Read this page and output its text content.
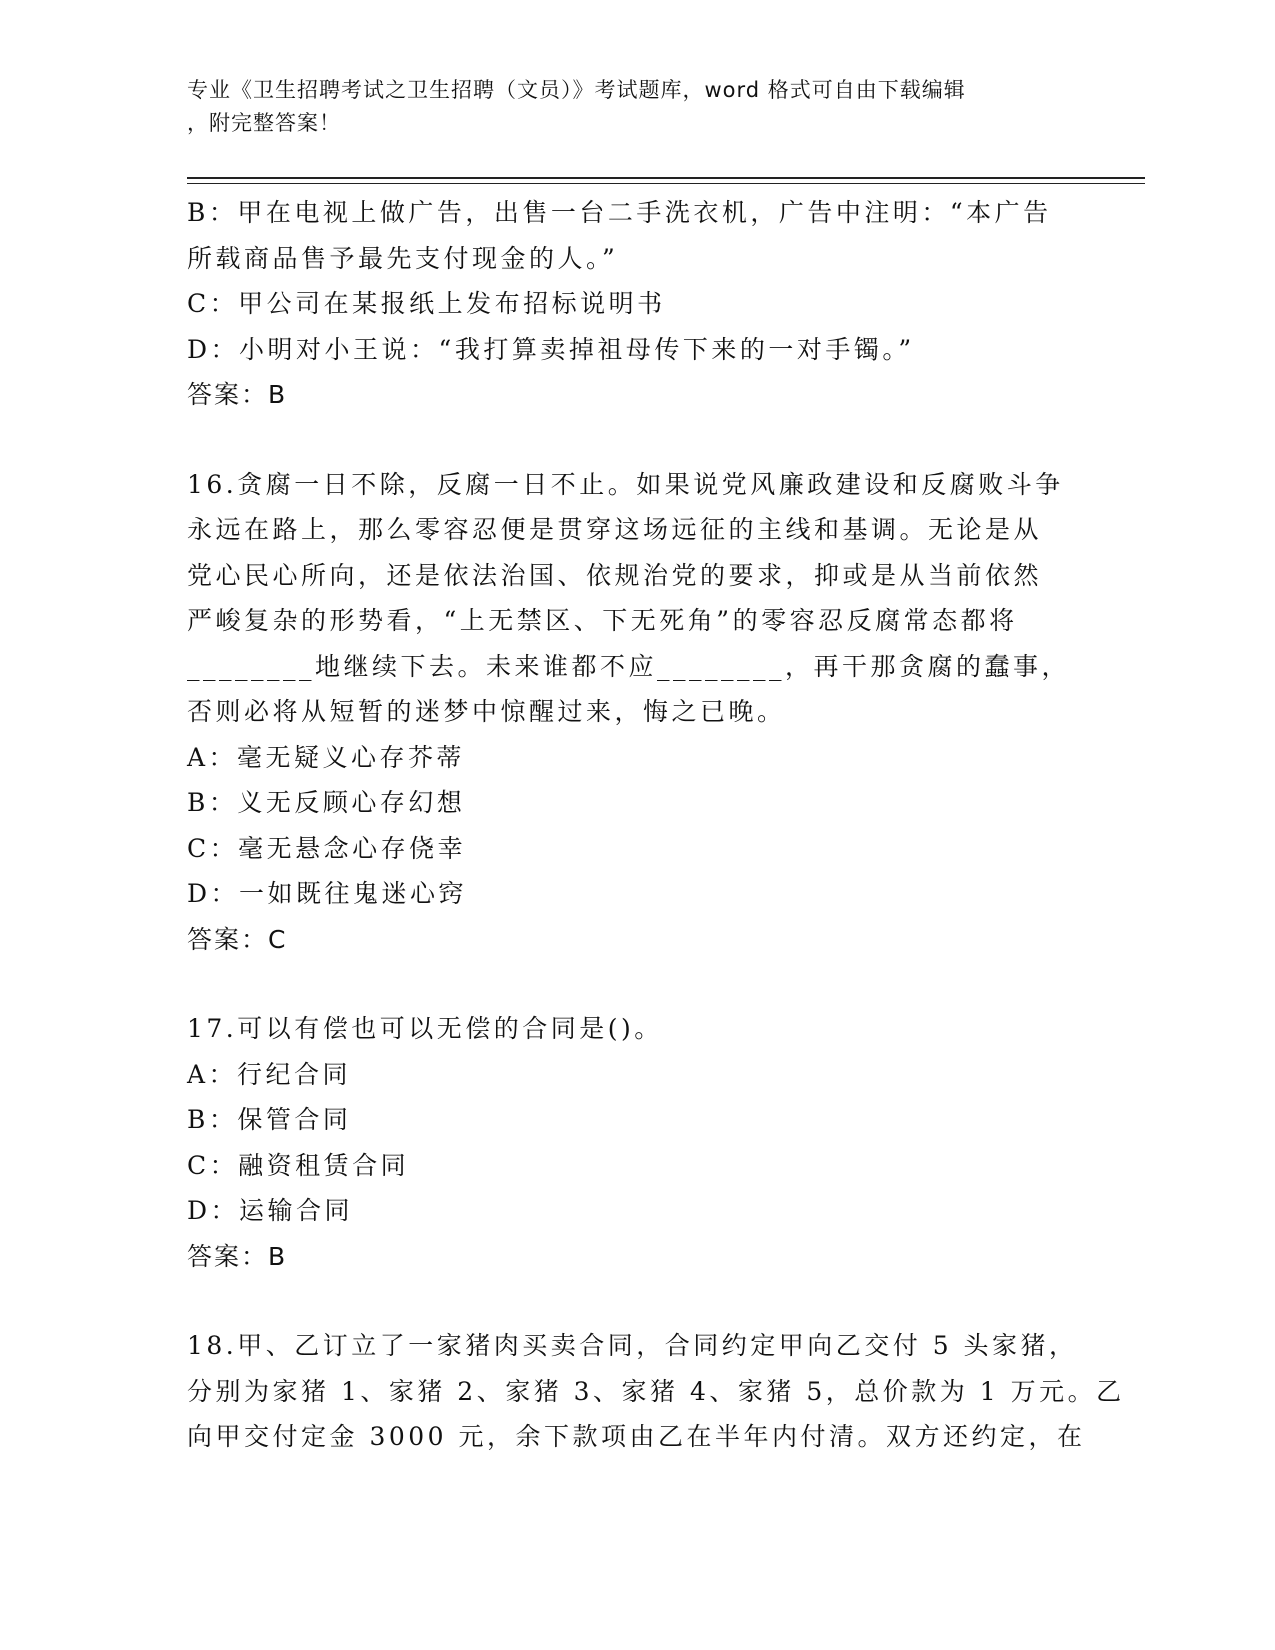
专业《卫生招聘考试之卫生招聘（文员）》考试题库，word 格式可自由下载编辑
，附完整答案！
B：甲在电视上做广告，出售一台二手洗衣机，广告中注明：“本广告
所载商品售予最先支付现金的人。”
C：甲公司在某报纸上发布招标说明书
D：小明对小王说：“我打算卖掉祖母传下来的一对手镯。”
答案：B
16.贪腐一日不除，反腐一日不止。如果说党风廉政建设和反腐败斗争
永远在路上，那么零容忍便是贯穿这场远征的主线和基调。无论是从
党心民心所向，还是依法治国、依规治党的要求，抑或是从当前依然
严峻复杂的形势看，“上无禁区、下无死角”的零容忍反腐常态都将
________地继续下去。未来谁都不应________，再干那贪腐的蠢事，
否则必将从短暂的迷梦中惊醒过来，悔之已晚。
A：毫无疑义心存芥蒂
B：义无反顾心存幻想
C：毫无悬念心存侥幸
D：一如既往鬼迷心窍
答案：C
17.可以有偿也可以无偿的合同是()。
A：行纪合同
B：保管合同
C：融资租赁合同
D：运输合同
答案：B
18.甲、乙订立了一家猪肉买卖合同，合同约定甲向乙交付 5 头家猪，
分别为家猪 1、家猪 2、家猪 3、家猪 4、家猪 5，总价款为 1 万元。乙
向甲交付定金 3000 元，余下款项由乙在半年内付清。双方还约定，在
